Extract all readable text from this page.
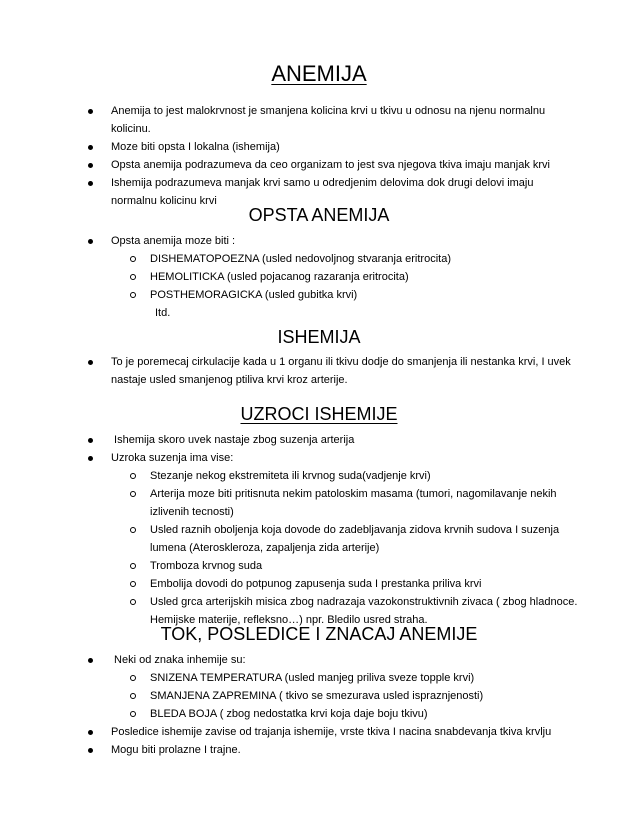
ANEMIJA
Anemija to jest malokrvnost je smanjena kolicina krvi u tkivu u odnosu na njenu normalnu
kolicinu.
Moze biti opsta I lokalna (ishemija)
Opsta anemija podrazumeva da ceo organizam to jest sva njegova tkiva imaju manjak krvi
Ishemija podrazumeva manjak krvi samo u odredjenim delovima dok drugi delovi imaju
normalnu kolicinu krvi
OPSTA ANEMIJA
Opsta anemija moze biti :
DISHEMATOPOEZNA (usled nedovoljnog stvaranja eritrocita)
HEMOLITICKA (usled pojacanog razaranja eritrocita)
POSTHEMORAGICKA (usled gubitka krvi)
Itd.
ISHEMIJA
To je poremecaj cirkulacije kada u 1 organu ili tkivu dodje do smanjenja ili nestanka krvi, I uvek
nastaje usled smanjenog ptiliva krvi kroz arterije.
UZROCI ISHEMIJE
Ishemija skoro uvek nastaje zbog suzenja arterija
Uzroka suzenja ima vise:
Stezanje nekog ekstremiteta ili krvnog suda(vadjenje krvi)
Arterija moze biti pritisnuta nekim patoloskim masama (tumori, nagomilavanje nekih
izlivenih tecnosti)
Usled raznih oboljenja koja dovode do zadebljavanja zidova krvnih sudova I suzenja
lumena (Ateroskleroza, zapaljenja zida arterije)
Tromboza krvnog suda
Embolija dovodi do potpunog zapusenja suda I prestanka priliva krvi
Usled grca arterijskih misica zbog nadrazaja vazokonstruktivnih zivaca ( zbog hladnoce.
Hemijske materije, refleksno…) npr. Bledilo usred straha.
TOK, POSLEDICE I ZNACAJ ANEMIJE
Neki od znaka inhemije su:
SNIZENA TEMPERATURA (usled manjeg priliva sveze topple krvi)
SMANJENA ZAPREMINA ( tkivo se smezurava usled ispraznjenosti)
BLEDA BOJA ( zbog nedostatka krvi koja daje boju tkivu)
Posledice ishemije zavise od trajanja ishemije, vrste tkiva I nacina snabdevanja tkiva krvlju
Mogu biti prolazne I trajne.
